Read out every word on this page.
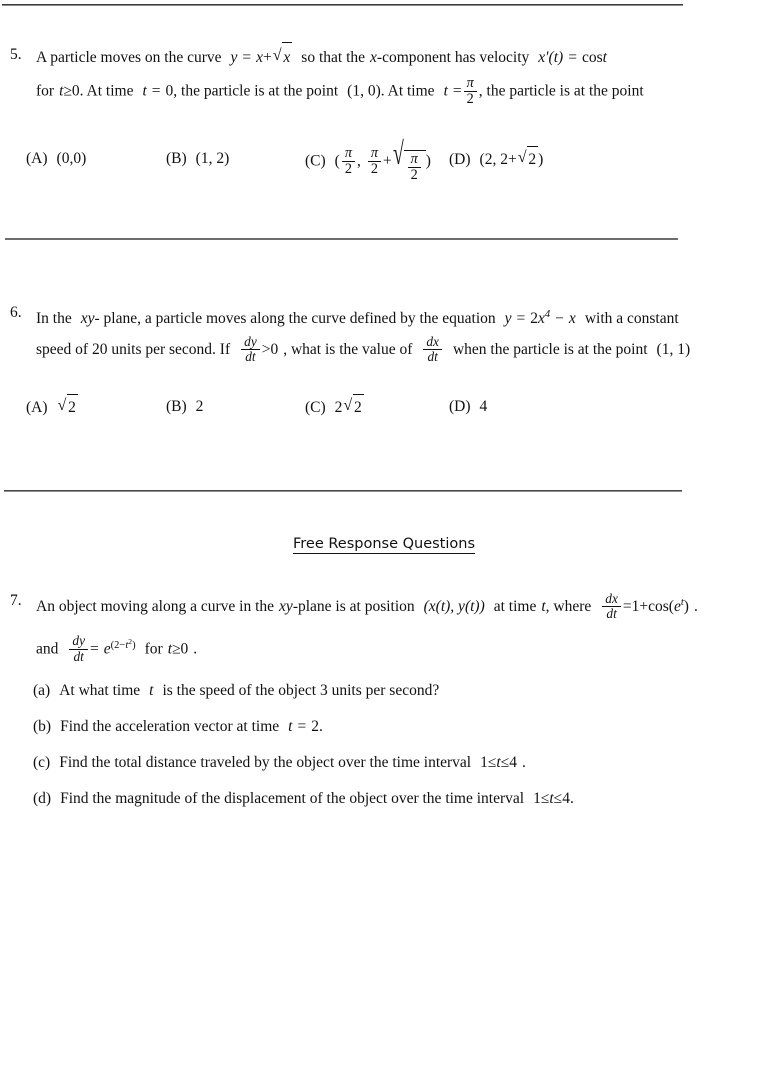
5. A particle moves on the curve y = x+ √ x so that the x-component has velocity x′(t) = cost
for t≥0. At time t = 0, the particle is at the point (1, 0). At time $t = \frac{\pi}{2}$ , the particle is at the point
(A) (0,0)	(B) (1, 2)	(C) ( $\frac{\pi}{2}$ , $\frac{\pi}{2}$ + √ $\frac{\pi}{2}$ ) (D) (2, 2+ √ 2 )
6. In the xy- plane, a particle moves along the curve defined by the equation $y = 2x^4 - x$ with a constant
speed of 20 units per second. If $\frac{dy}{dt} >0$ , what is the value of $\frac{dx}{dt}$ when the particle is at the point (1, 1)
(A) √ 2	(B) 2	(C) 2 √ 2	(D) 4
Free Response Questions
7. An object moving along a curve in the xy-plane is at position (x(t), y(t)) at time t, where $\frac{dx}{dt} =1+\cos(e^t)$ .
and $\frac{dy}{dt} = e^{(2-t^2)}$ for t≥0 .
(a) At what time t is the speed of the object 3 units per second?
(b) Find the acceleration vector at time t = 2.
(c) Find the total distance traveled by the object over the time interval 1≤t≤4 .
(d) Find the magnitude of the displacement of the object over the time interval 1≤t≤4.
